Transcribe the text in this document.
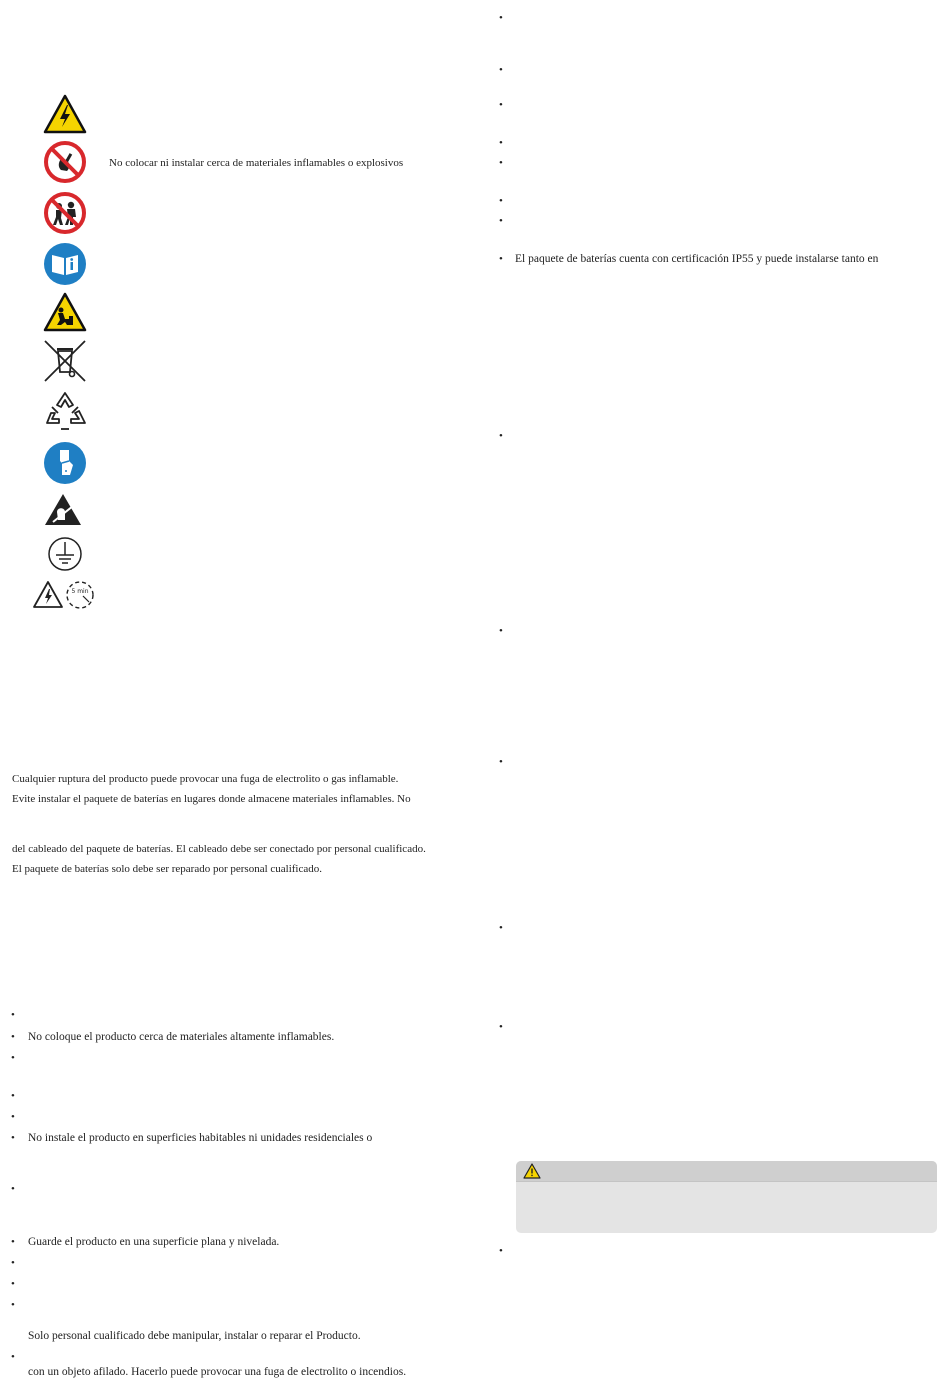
No colocar ni instalar cerca de materiales inflamables o explosivos
5 min
Cualquier ruptura del producto puede provocar una fuga de electrolito o gas inflamable.
Evite instalar el paquete de baterías en lugares donde almacene materiales inflamables. No
del cableado del paquete de baterías. El cableado debe ser conectado por personal cualificado.
El paquete de baterías solo debe ser reparado por personal cualificado.
•
• No coloque el producto cerca de materiales altamente inflamables.
•
•
•
• No instale el producto en superficies habitables ni unidades residenciales o
•
• Guarde el producto en una superficie plana y nivelada.
•
•
•
Solo personal cualificado debe manipular, instalar o reparar el Producto.
•
con un objeto afilado. Hacerlo puede provocar una fuga de electrolito o incendios.
•
•
•
•
•
•
•
• El paquete de baterías cuenta con certificación IP55 y puede instalarse tanto en
•
•
•
•
•
•
